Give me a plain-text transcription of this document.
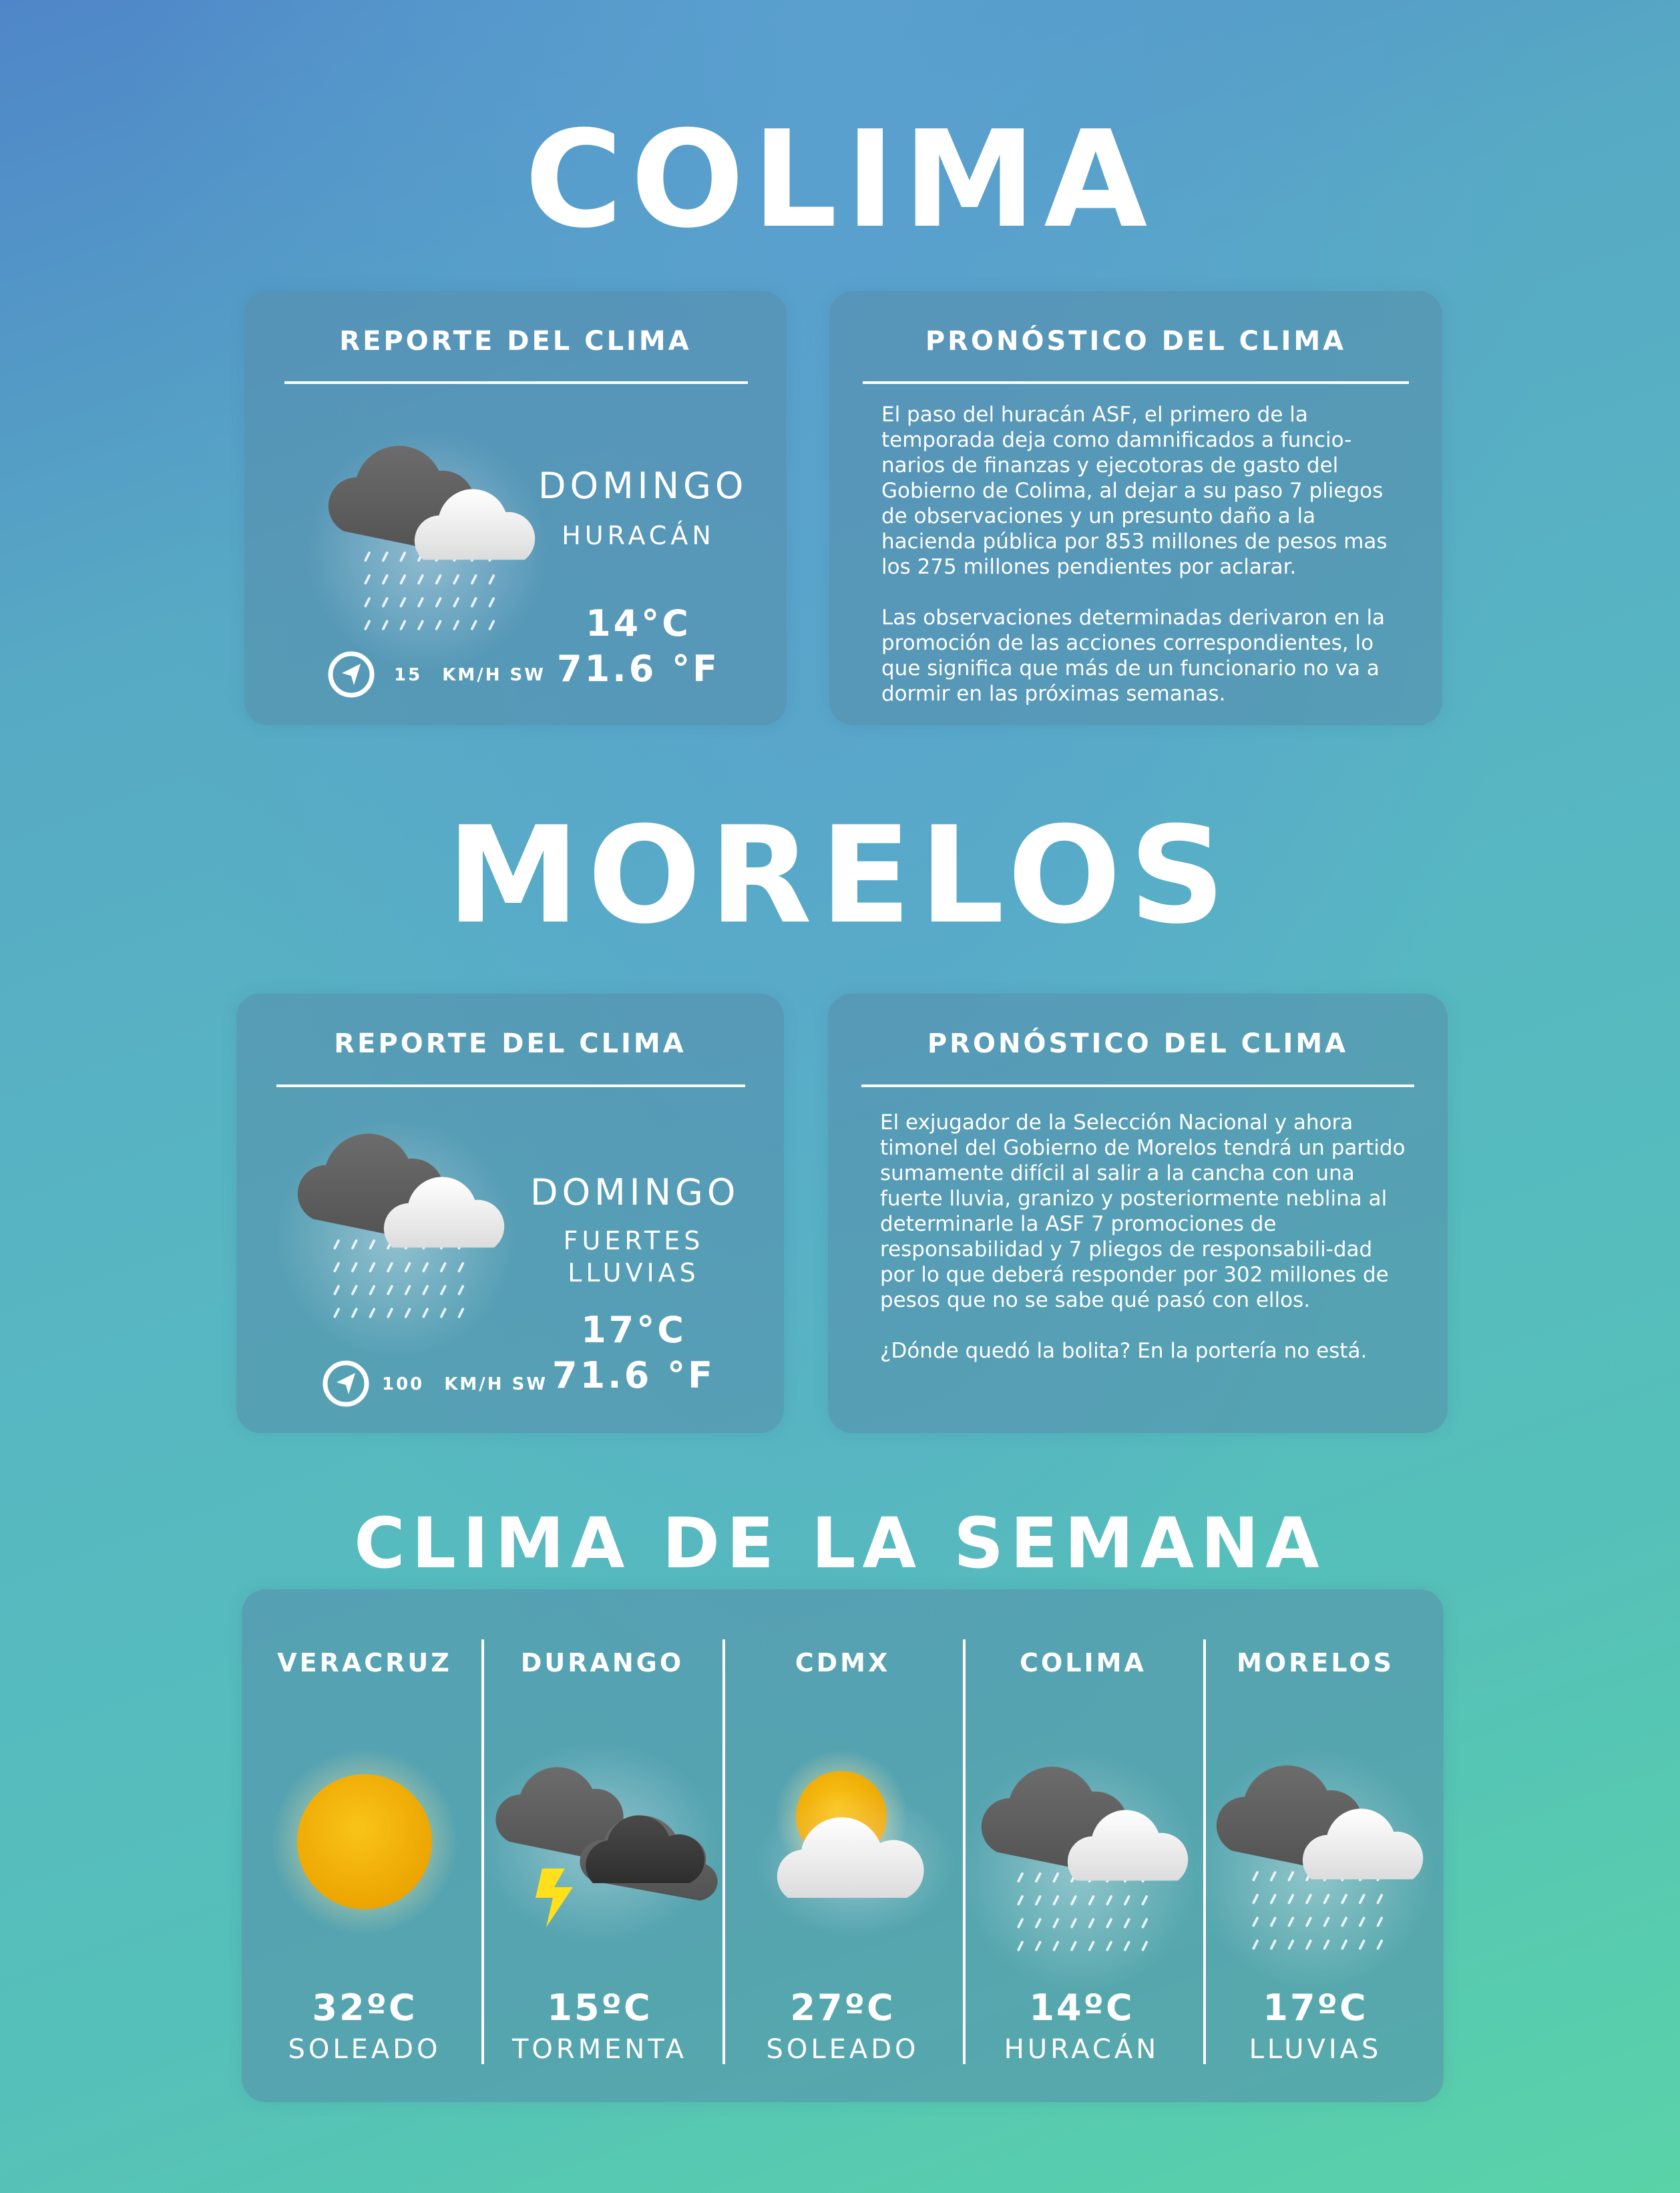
COLIMA
REPORTE DEL CLIMA
DOMINGO
HURACÁN
14°C
71.6 °F
15 KM/H SW
PRONÓSTICO DEL CLIMA

El paso del huracán ASF, el primero de la temporada deja como damnificados a funcio-narios de finanzas y ejecotoras de gasto del Gobierno de Colima, al dejar a su paso 7 pliegos de observaciones y un presunto daño a la hacienda pública por 853 millones de pesos mas los 275 millones pendientes por aclarar.

Las observaciones determinadas derivaron en la promoción de las acciones correspondientes, lo que significa que más de un funcionario no va a dormir en las próximas semanas.

MORELOS
REPORTE DEL CLIMA
DOMINGO
FUERTES
LLUVIAS
17°C
71.6 °F
100 KM/H SW
PRONÓSTICO DEL CLIMA

El exjugador de la Selección Nacional y ahora timonel del Gobierno de Morelos tendrá un partido sumamente difícil al salir a la cancha con una fuerte lluvia, granizo y posteriormente neblina al determinarle la ASF 7 promociones de responsabilidad y 7 pliegos de responsabili-dad por lo que deberá responder por 302 millones de pesos que no se sabe qué pasó con ellos.

¿Dónde quedó la bolita? En la portería no está.

CLIMA DE LA SEMANA
VERACRUZ
32ºC
SOLEADO
DURANGO
15ºC
TORMENTA
CDMX
27ºC
SOLEADO
COLIMA
14ºC
HURACÁN
MORELOS
17ºC
LLUVIAS
